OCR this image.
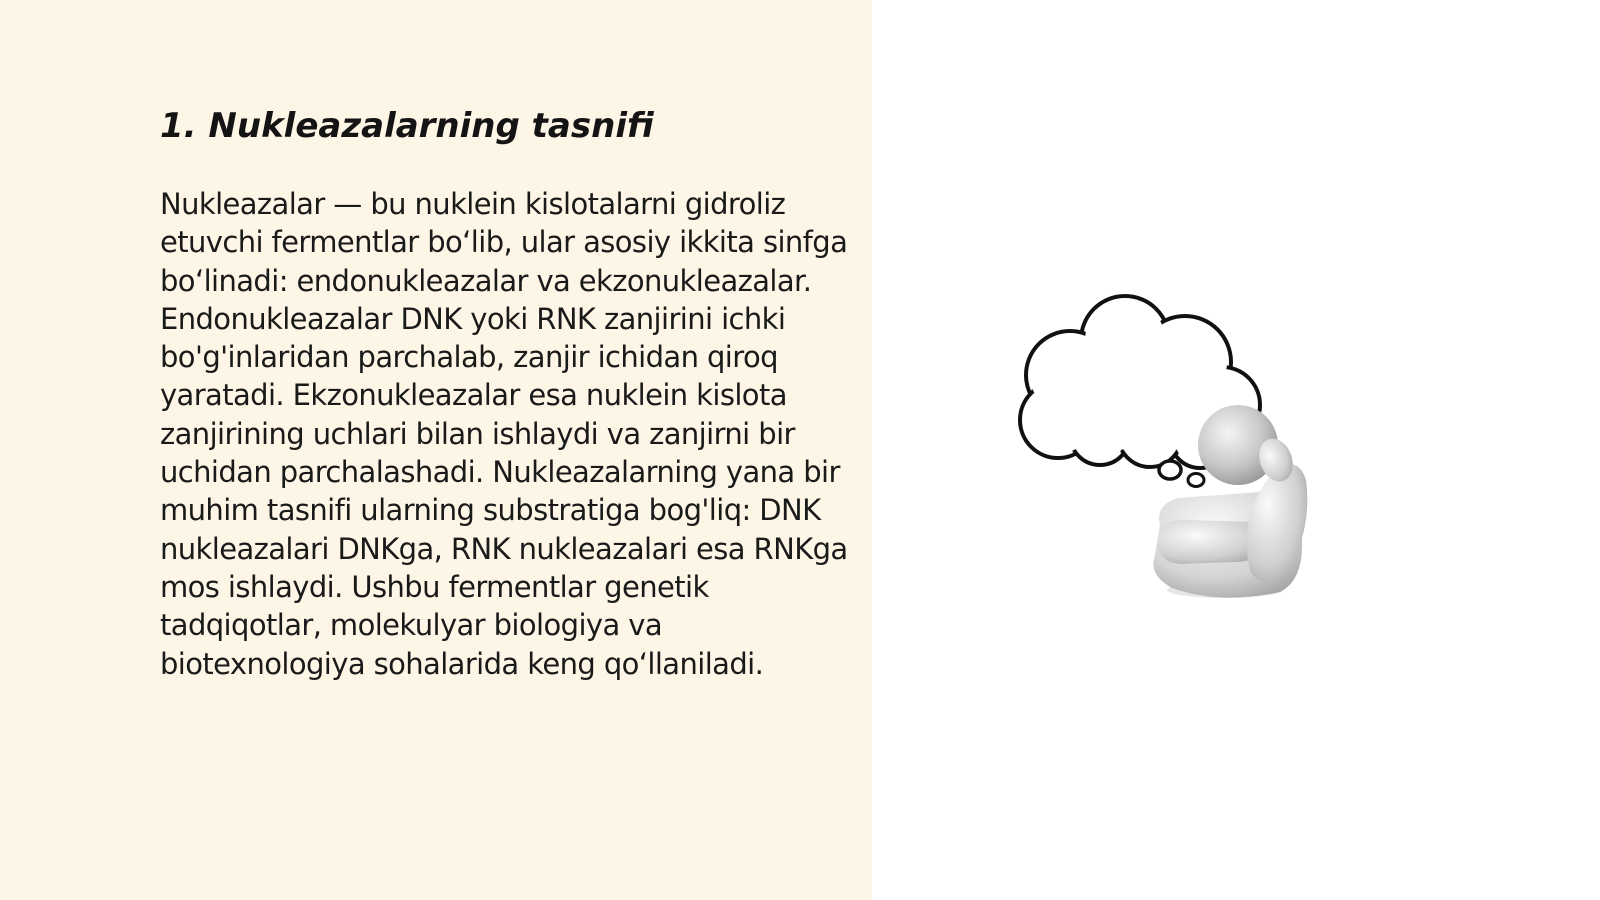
1. Nukleazalarning tasnifi

Nukleazalar — bu nuklein kislotalarni gidroliz etuvchi fermentlar bo‘lib, ular asosiy ikkita sinfga bo‘linadi: endonukleazalar va ekzonukleazalar. Endonukleazalar DNK yoki RNK zanjirini ichki bo'g'inlaridan parchalab, zanjir ichidan qiroq yaratadi. Ekzonukleazalar esa nuklein kislota zanjirining uchlari bilan ishlaydi va zanjirni bir uchidan parchalashadi. Nukleazalarning yana bir muhim tasnifi ularning substratiga bog'liq: DNK nukleazalari DNKga, RNK nukleazalari esa RNKga mos ishlaydi. Ushbu fermentlar genetik tadqiqotlar, molekulyar biologiya va biotexnologiya sohalarida keng qo‘llaniladi.
